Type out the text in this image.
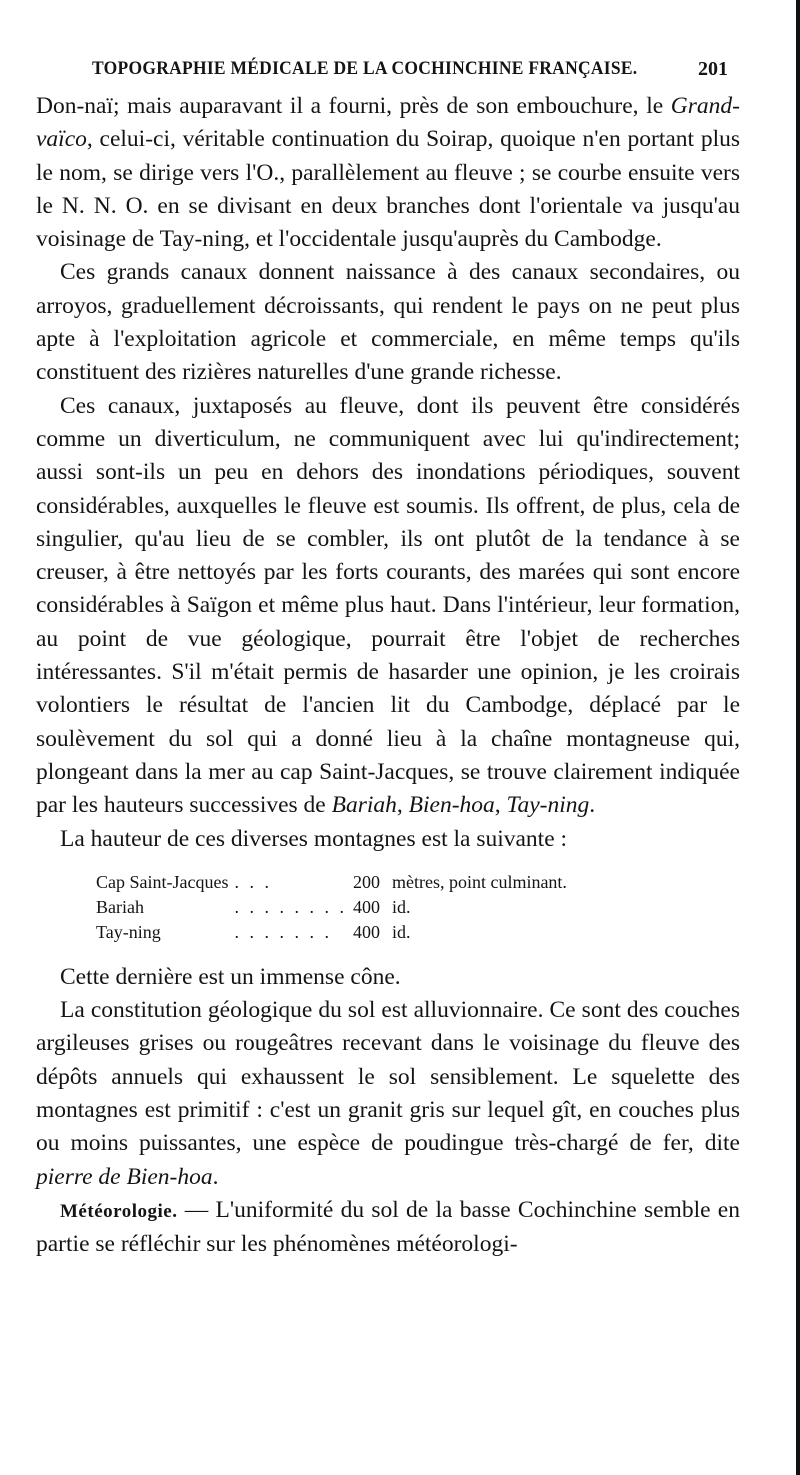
TOPOGRAPHIE MÉDICALE DE LA COCHINCHINE FRANÇAISE.	201

Don-naï; mais auparavant il a fourni, près de son embouchure, le Grand-vaïco, celui-ci, véritable continuation du Soirap, quoique n'en portant plus le nom, se dirige vers l'O., parallèlement au fleuve ; se courbe ensuite vers le N. N. O. en se divisant en deux branches dont l'orientale va jusqu'au voisinage de Tay-ning, et l'occidentale jusqu'auprès du Cambodge.

Ces grands canaux donnent naissance à des canaux secondaires, ou arroyos, graduellement décroissants, qui rendent le pays on ne peut plus apte à l'exploitation agricole et commerciale, en même temps qu'ils constituent des rizières naturelles d'une grande richesse.

Ces canaux, juxtaposés au fleuve, dont ils peuvent être considérés comme un diverticulum, ne communiquent avec lui qu'indirectement; aussi sont-ils un peu en dehors des inondations périodiques, souvent considérables, auxquelles le fleuve est soumis. Ils offrent, de plus, cela de singulier, qu'au lieu de se combler, ils ont plutôt de la tendance à se creuser, à être nettoyés par les forts courants, des marées qui sont encore considérables à Saïgon et même plus haut. Dans l'intérieur, leur formation, au point de vue géologique, pourrait être l'objet de recherches intéressantes. S'il m'était permis de hasarder une opinion, je les croirais volontiers le résultat de l'ancien lit du Cambodge, déplacé par le soulèvement du sol qui a donné lieu à la chaîne montagneuse qui, plongeant dans la mer au cap Saint-Jacques, se trouve clairement indiquée par les hauteurs successives de Bariah, Bien-hoa, Tay-ning.

La hauteur de ces diverses montagnes est la suivante :

Cap Saint-Jacques	. . .	200	mètres, point culminant.
Bariah	. . . . . . . .	400	id.
Tay-ning	. . . . . . .	400	id.

Cette dernière est un immense cône.

La constitution géologique du sol est alluvionnaire. Ce sont des couches argileuses grises ou rougeâtres recevant dans le voisinage du fleuve des dépôts annuels qui exhaussent le sol sensiblement. Le squelette des montagnes est primitif : c'est un granit gris sur lequel gît, en couches plus ou moins puissantes, une espèce de poudingue très-chargé de fer, dite pierre de Bien-hoa.

Météorologie. — L'uniformité du sol de la basse Cochinchine semble en partie se réfléchir sur les phénomènes météorologi-
